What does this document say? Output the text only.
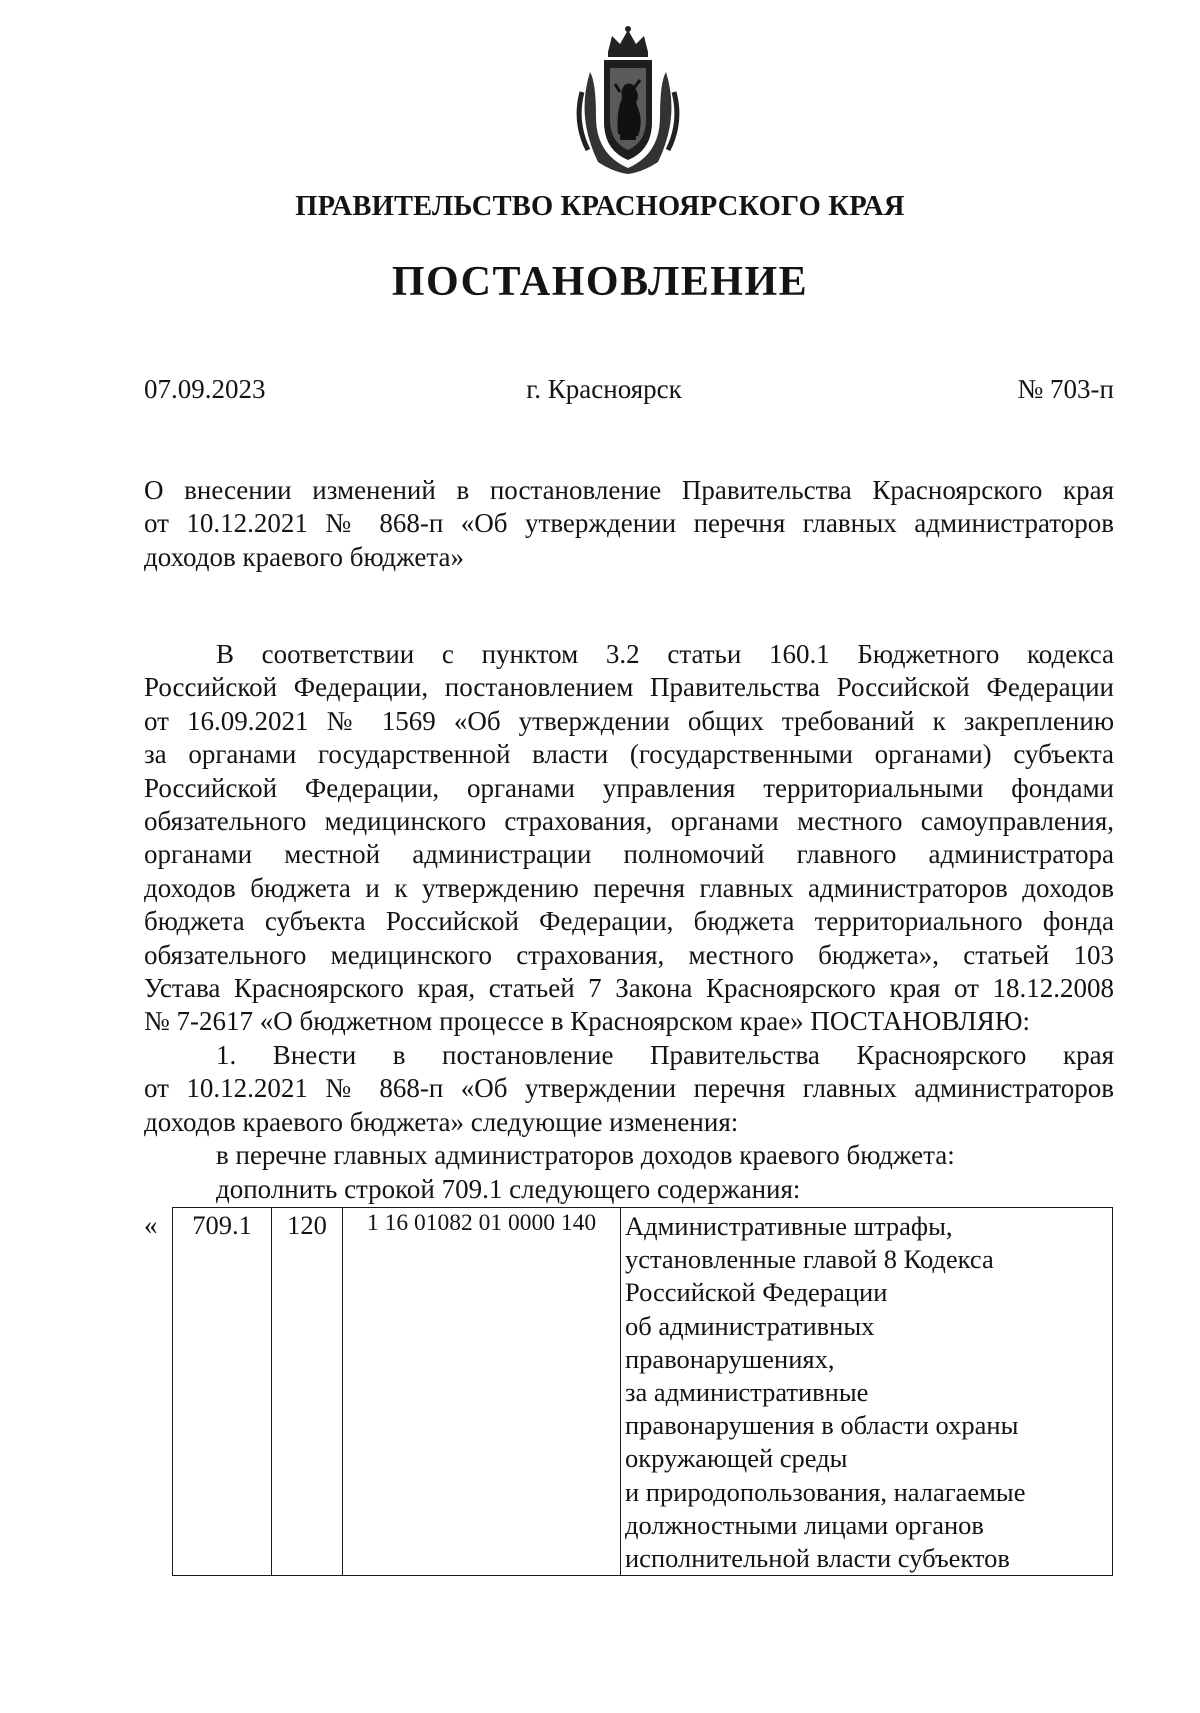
ПРАВИТЕЛЬСТВО КРАСНОЯРСКОГО КРАЯ
ПОСТАНОВЛЕНИЕ
07.09.2023	г. Красноярск	№ 703-п
О внесении изменений в постановление Правительства Красноярского края
от 10.12.2021 № 868-п «Об утверждении перечня главных администраторов
доходов краевого бюджета»
В соответствии с пунктом 3.2 статьи 160.1 Бюджетного кодекса
Российской Федерации, постановлением Правительства Российской Федерации
от 16.09.2021 № 1569 «Об утверждении общих требований к закреплению
за органами государственной власти (государственными органами) субъекта
Российской Федерации, органами управления территориальными фондами
обязательного медицинского страхования, органами местного самоуправления,
органами местной администрации полномочий главного администратора
доходов бюджета и к утверждению перечня главных администраторов доходов
бюджета субъекта Российской Федерации, бюджета территориального фонда
обязательного медицинского страхования, местного бюджета», статьей 103
Устава Красноярского края, статьей 7 Закона Красноярского края от 18.12.2008
№ 7-2617 «О бюджетном процессе в Красноярском крае» ПОСТАНОВЛЯЮ:
1. Внести в постановление Правительства Красноярского края
от 10.12.2021 № 868-п «Об утверждении перечня главных администраторов
доходов краевого бюджета» следующие изменения:
в перечне главных администраторов доходов краевого бюджета:
дополнить строкой 709.1 следующего содержания:
« 709.1	120	1 16 01082 01 0000 140	Административные штрафы,
установленные главой 8 Кодекса
Российской Федерации
об административных
правонарушениях,
за административные
правонарушения в области охраны
окружающей среды
и природопользования, налагаемые
должностными лицами органов
исполнительной власти субъектов
